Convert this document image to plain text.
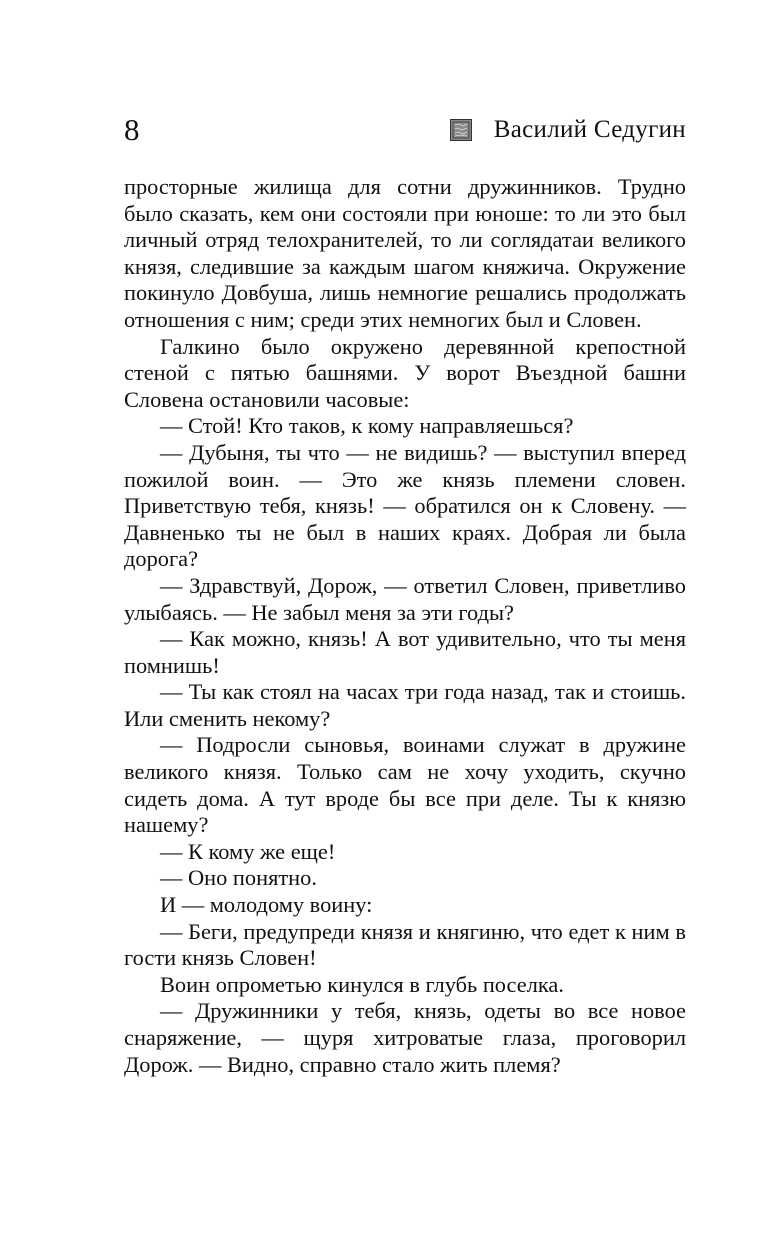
8	Василий Седугин

просторные жилища для сотни дружинников. Трудно было сказать, кем они состояли при юноше: то ли это был личный отряд телохранителей, то ли соглядатаи великого князя, следившие за каждым шагом княжича. Окружение покинуло Довбуша, лишь немногие решались продолжать отношения с ним; среди этих немногих был и Словен.

Галкино было окружено деревянной крепостной стеной с пятью башнями. У ворот Въездной башни Словена остановили часовые:

— Стой! Кто таков, к кому направляешься?

— Дубыня, ты что — не видишь? — выступил вперед пожилой воин. — Это же князь племени словен. Приветствую тебя, князь! — обратился он к Словену. — Давненько ты не был в наших краях. Добрая ли была дорога?

— Здравствуй, Дорож, — ответил Словен, приветливо улыбаясь. — Не забыл меня за эти годы?

— Как можно, князь! А вот удивительно, что ты меня помнишь!

— Ты как стоял на часах три года назад, так и стоишь. Или сменить некому?

— Подросли сыновья, воинами служат в дружине великого князя. Только сам не хочу уходить, скучно сидеть дома. А тут вроде бы все при деле. Ты к князю нашему?

— К кому же еще!

— Оно понятно.

И — молодому воину:

— Беги, предупреди князя и княгиню, что едет к ним в гости князь Словен!

Воин опрометью кинулся в глубь поселка.

— Дружинники у тебя, князь, одеты во все новое снаряжение, — щуря хитроватые глаза, проговорил Дорож. — Видно, справно стало жить племя?
